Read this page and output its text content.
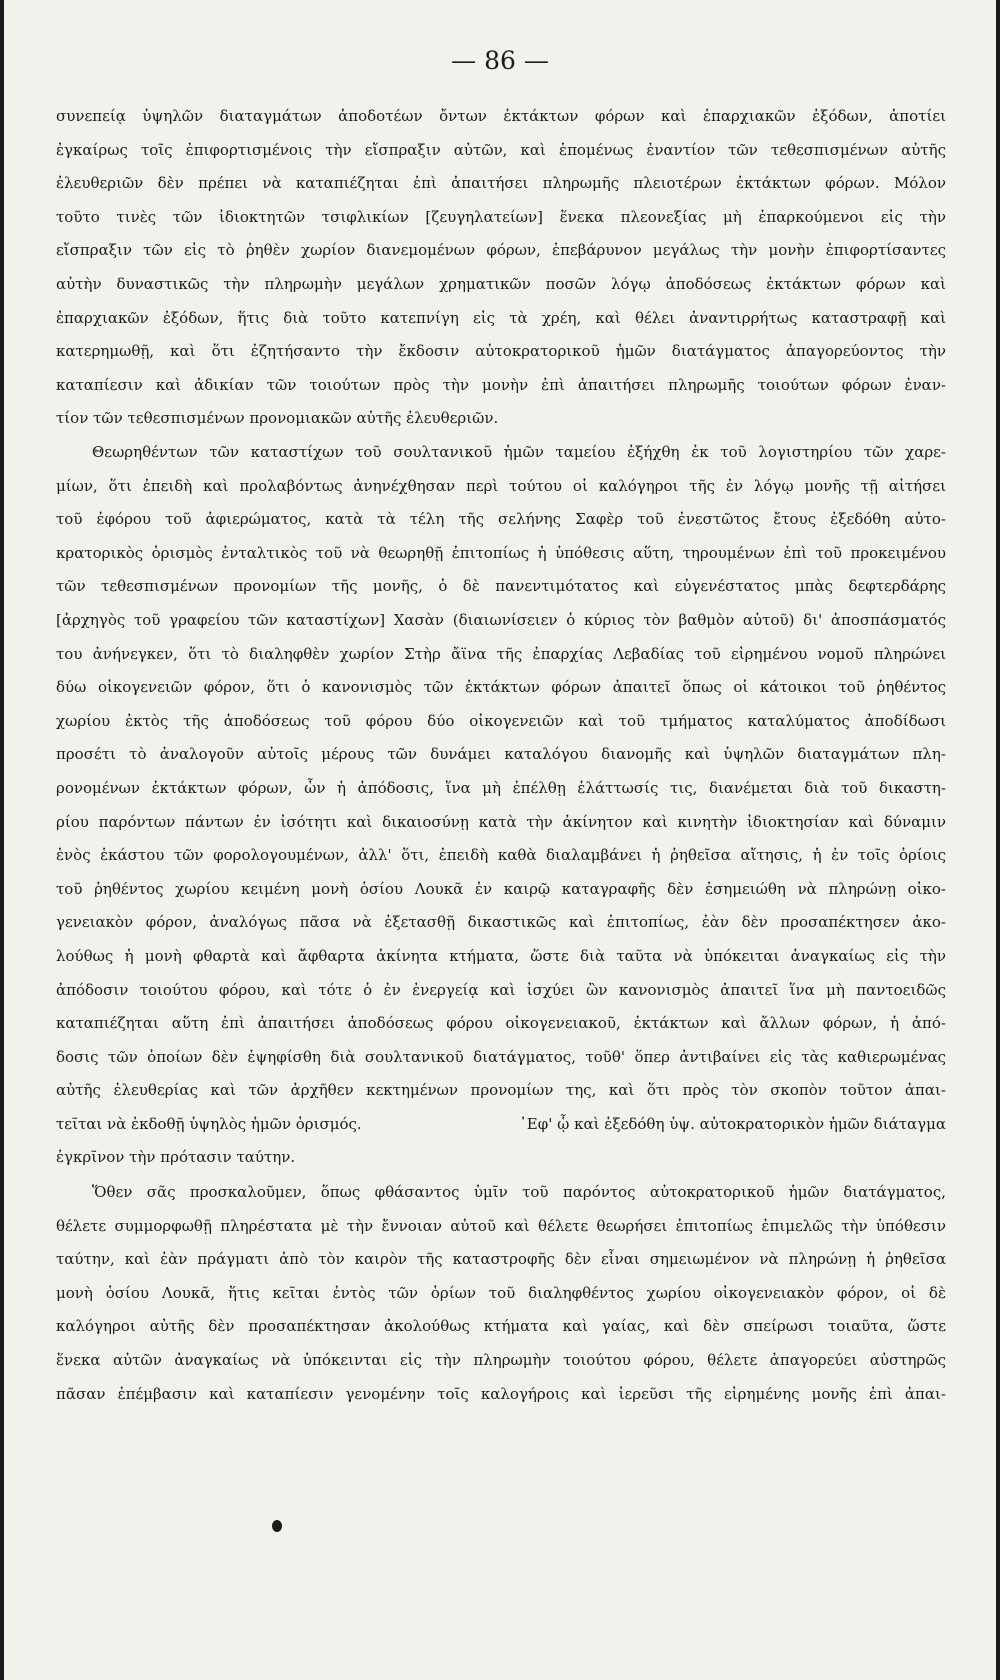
— 86 —
συνεπείᾳ ὑψηλῶν διαταγμάτων ἀποδοτέων ὄντων ἐκτάκτων φόρων καὶ ἐπαρχιακῶν ἐξόδων, ἀποτίει
ἐγκαίρως τοῖς ἐπιφορτισμένοις τὴν εἴσπραξιν αὐτῶν, καὶ ἑπομένως ἐναντίον τῶν τεθεσπισμένων αὐτῆς
ἐλευθεριῶν δὲν πρέπει νὰ καταπιέζηται ἐπὶ ἀπαιτήσει πληρωμῆς πλειοτέρων ἐκτάκτων φόρων. Μόλον
τοῦτο τινὲς τῶν ἰδιοκτητῶν τσιφλικίων [ζευγηλατείων] ἕνεκα πλεονεξίας μὴ ἐπαρκούμενοι εἰς τὴν
εἴσπραξιν τῶν εἰς τὸ ῥηθὲν χωρίον διανεμομένων φόρων, ἐπεβάρυνον μεγάλως τὴν μονὴν ἐπιφορτίσαντες
αὐτὴν δυναστικῶς τὴν πληρωμὴν μεγάλων χρηματικῶν ποσῶν λόγῳ ἀποδόσεως ἐκτάκτων φόρων καὶ
ἐπαρχιακῶν ἐξόδων, ἥτις διὰ τοῦτο κατεπνίγη εἰς τὰ χρέη, καὶ θέλει ἀναντιρρήτως καταστραφῇ καὶ
κατερημωθῇ, καὶ ὅτι ἐζητήσαντο τὴν ἔκδοσιν αὐτοκρατορικοῦ ἡμῶν διατάγματος ἀπαγορεύοντος τὴν
καταπίεσιν καὶ ἀδικίαν τῶν τοιούτων πρὸς τὴν μονὴν ἐπὶ ἀπαιτήσει πληρωμῆς τοιούτων φόρων ἐναν-
τίον τῶν τεθεσπισμένων προνομιακῶν αὐτῆς ἐλευθεριῶν.
Θεωρηθέντων τῶν καταστίχων τοῦ σουλτανικοῦ ἡμῶν ταμείου ἐξήχθη ἐκ τοῦ λογιστηρίου τῶν χαρε-
μίων, ὅτι ἐπειδὴ καὶ προλαβόντως ἀνηνέχθησαν περὶ τούτου οἱ καλόγηροι τῆς ἐν λόγῳ μονῆς τῇ αἰτήσει
τοῦ ἐφόρου τοῦ ἀφιερώματος, κατὰ τὰ τέλη τῆς σελήνης Σαφὲρ τοῦ ἐνεστῶτος ἔτους ἐξεδόθη αὐτο-
κρατορικὸς ὁρισμὸς ἐνταλτικὸς τοῦ νὰ θεωρηθῇ ἐπιτοπίως ἡ ὑπόθεσις αὕτη, τηρουμένων ἐπὶ τοῦ προκειμένου
τῶν τεθεσπισμένων προνομίων τῆς μονῆς, ὁ δὲ πανεντιμότατος καὶ εὐγενέστατος μπὰς δεφτερδάρης
[ἀρχηγὸς τοῦ γραφείου τῶν καταστίχων] Χασὰν (διαιωνίσειεν ὁ κύριος τὸν βαθμὸν αὐτοῦ) δι' ἀποσπάσματός
του ἀνήνεγκεν, ὅτι τὸ διαληφθὲν χωρίον Στὴρ ἄϊνα τῆς ἐπαρχίας Λεβαδίας τοῦ εἰρημένου νομοῦ πληρώνει
δύω οἰκογενειῶν φόρον, ὅτι ὁ κανονισμὸς τῶν ἐκτάκτων φόρων ἀπαιτεῖ ὅπως οἱ κάτοικοι τοῦ ῥηθέντος
χωρίου ἐκτὸς τῆς ἀποδόσεως τοῦ φόρου δύο οἰκογενειῶν καὶ τοῦ τμήματος καταλύματος ἀποδίδωσι
προσέτι τὸ ἀναλογοῦν αὐτοῖς μέρους τῶν δυνάμει καταλόγου διανομῆς καὶ ὑψηλῶν διαταγμάτων πλη-
ρονομένων ἐκτάκτων φόρων, ὧν ἡ ἀπόδοσις, ἵνα μὴ ἐπέλθῃ ἐλάττωσίς τις, διανέμεται διὰ τοῦ δικαστη-
ρίου παρόντων πάντων ἐν ἰσότητι καὶ δικαιοσύνῃ κατὰ τὴν ἀκίνητον καὶ κινητὴν ἰδιοκτησίαν καὶ δύναμιν
ἑνὸς ἑκάστου τῶν φορολογουμένων, ἀλλ' ὅτι, ἐπειδὴ καθὰ διαλαμβάνει ἡ ῥηθεῖσα αἴτησις, ἡ ἐν τοῖς ὁρίοις
τοῦ ῥηθέντος χωρίου κειμένη μονὴ ὁσίου Λουκᾶ ἐν καιρῷ καταγραφῆς δὲν ἐσημειώθη νὰ πληρώνῃ οἰκο-
γενειακὸν φόρον, ἀναλόγως πᾶσα νὰ ἐξετασθῇ δικαστικῶς καὶ ἐπιτοπίως, ἐὰν δὲν προσαπέκτησεν ἀκο-
λούθως ἡ μονὴ φθαρτὰ καὶ ἄφθαρτα ἀκίνητα κτήματα, ὥστε διὰ ταῦτα νὰ ὑπόκειται ἀναγκαίως εἰς τὴν
ἀπόδοσιν τοιούτου φόρου, καὶ τότε ὁ ἐν ἐνεργείᾳ καὶ ἰσχύει ὢν κανονισμὸς ἀπαιτεῖ ἵνα μὴ παντοειδῶς
καταπιέζηται αὕτη ἐπὶ ἀπαιτήσει ἀποδόσεως φόρου οἰκογενειακοῦ, ἐκτάκτων καὶ ἄλλων φόρων, ἡ ἀπό-
δοσις τῶν ὁποίων δὲν ἐψηφίσθη διὰ σουλτανικοῦ διατάγματος, τοῦθ' ὅπερ ἀντιβαίνει εἰς τὰς καθιερωμένας
αὐτῆς ἐλευθερίας καὶ τῶν ἀρχῆθεν κεκτημένων προνομίων της, καὶ ὅτι πρὸς τὸν σκοπὸν τοῦτον ἀπαι-
τεῖται νὰ ἐκδοθῇ ὑψηλὸς ἡμῶν ὁρισμός.	᾿Εφ' ᾧ καὶ ἐξεδόθη ὑψ. αὐτοκρατορικὸν ἡμῶν διάταγμα
ἐγκρῖνον τὴν πρότασιν ταύτην.
Ὅθεν σᾶς προσκαλοῦμεν, ὅπως φθάσαντος ὑμῖν τοῦ παρόντος αὐτοκρατορικοῦ ἡμῶν διατάγματος,
θέλετε συμμορφωθῇ πληρέστατα μὲ τὴν ἔννοιαν αὐτοῦ καὶ θέλετε θεωρήσει ἐπιτοπίως ἐπιμελῶς τὴν ὑπόθεσιν
ταύτην, καὶ ἐὰν πράγματι ἀπὸ τὸν καιρὸν τῆς καταστροφῆς δὲν εἶναι σημειωμένον νὰ πληρώνῃ ἡ ῥηθεῖσα
μονὴ ὁσίου Λουκᾶ, ἥτις κεῖται ἐντὸς τῶν ὁρίων τοῦ διαληφθέντος χωρίου οἰκογενειακὸν φόρον, οἱ δὲ
καλόγηροι αὐτῆς δὲν προσαπέκτησαν ἀκολούθως κτήματα καὶ γαίας, καὶ δὲν σπείρωσι τοιαῦτα, ὥστε
ἕνεκα αὐτῶν ἀναγκαίως νὰ ὑπόκεινται εἰς τὴν πληρωμὴν τοιούτου φόρου, θέλετε ἀπαγορεύει αὐστηρῶς
πᾶσαν ἐπέμβασιν καὶ καταπίεσιν γενομένην τοῖς καλογήροις καὶ ἱερεῦσι τῆς εἰρημένης μονῆς ἐπὶ ἀπαι-
